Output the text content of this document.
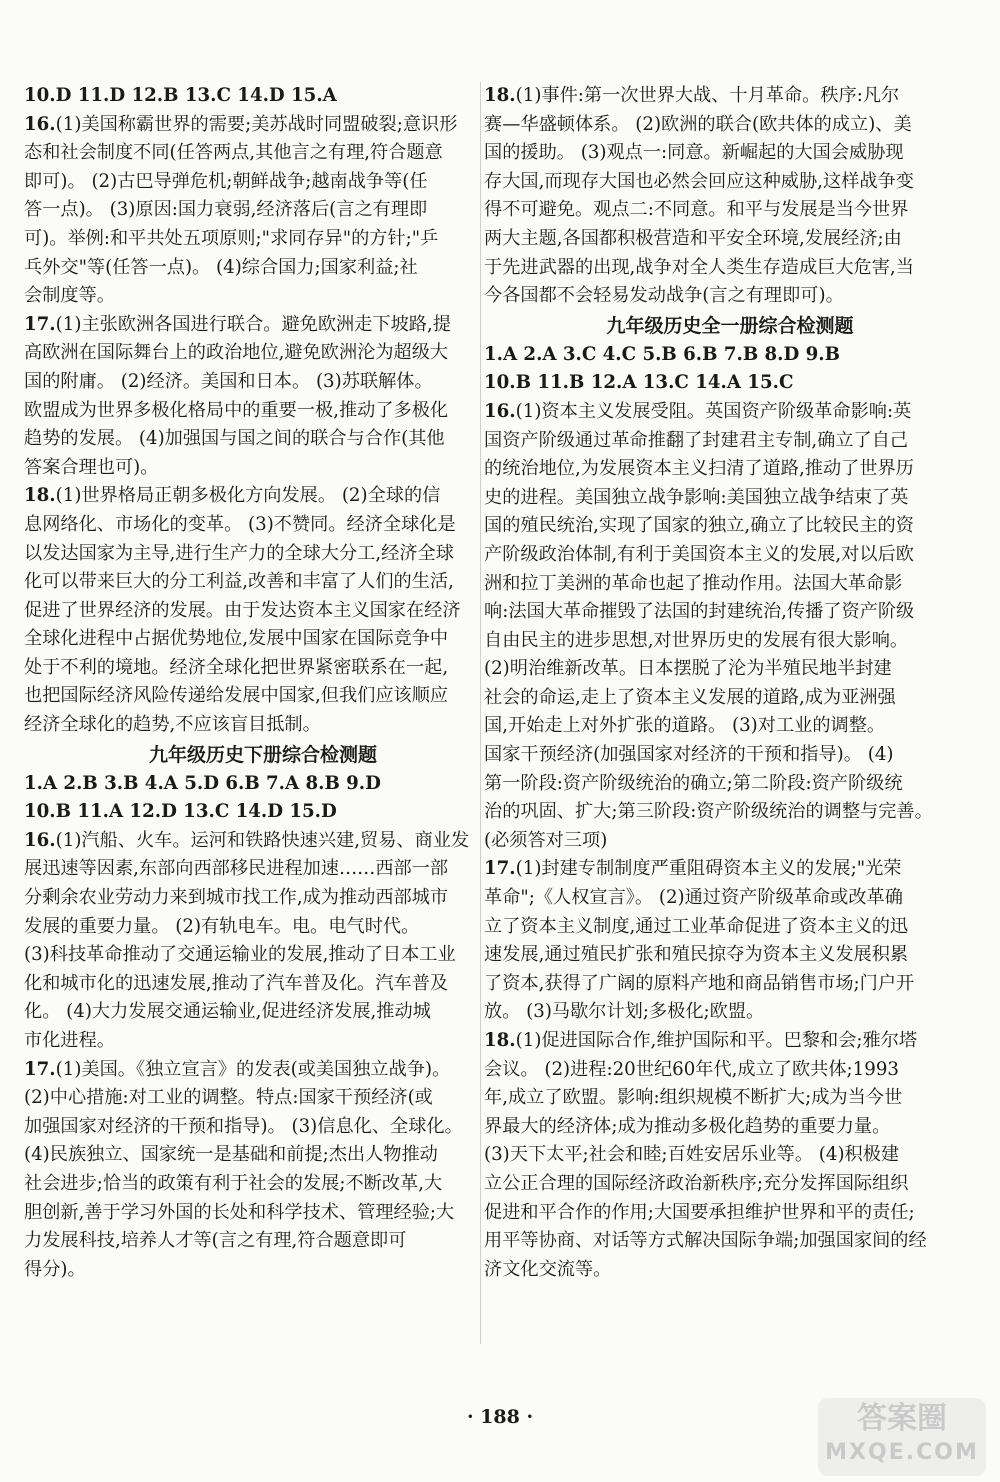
10.D 11.D 12.B 13.C 14.D 15.A
16.(1)美国称霸世界的需要;美苏战时同盟破裂;意识形
态和社会制度不同(任答两点,其他言之有理,符合题意
即可)。 (2)古巴导弹危机;朝鲜战争;越南战争等(任
答一点)。 (3)原因:国力衰弱,经济落后(言之有理即
可)。举例:和平共处五项原则;"求同存异"的方针;"乒
乓外交"等(任答一点)。 (4)综合国力;国家利益;社
会制度等。
17.(1)主张欧洲各国进行联合。避免欧洲走下坡路,提
高欧洲在国际舞台上的政治地位,避免欧洲沦为超级大
国的附庸。 (2)经济。美国和日本。 (3)苏联解体。
欧盟成为世界多极化格局中的重要一极,推动了多极化
趋势的发展。 (4)加强国与国之间的联合与合作(其他
答案合理也可)。
18.(1)世界格局正朝多极化方向发展。 (2)全球的信
息网络化、市场化的变革。 (3)不赞同。经济全球化是
以发达国家为主导,进行生产力的全球大分工,经济全球
化可以带来巨大的分工利益,改善和丰富了人们的生活,
促进了世界经济的发展。由于发达资本主义国家在经济
全球化进程中占据优势地位,发展中国家在国际竞争中
处于不利的境地。经济全球化把世界紧密联系在一起,
也把国际经济风险传递给发展中国家,但我们应该顺应
经济全球化的趋势,不应该盲目抵制。
九年级历史下册综合检测题
1.A 2.B 3.B 4.A 5.D 6.B 7.A 8.B 9.D
10.B 11.A 12.D 13.C 14.D 15.D
16.(1)汽船、火车。运河和铁路快速兴建,贸易、商业发
展迅速等因素,东部向西部移民进程加速……西部一部
分剩余农业劳动力来到城市找工作,成为推动西部城市
发展的重要力量。 (2)有轨电车。电。电气时代。
(3)科技革命推动了交通运输业的发展,推动了日本工业
化和城市化的迅速发展,推动了汽车普及化。汽车普及
化。 (4)大力发展交通运输业,促进经济发展,推动城
市化进程。
17.(1)美国。《独立宣言》的发表(或美国独立战争)。
(2)中心措施:对工业的调整。特点:国家干预经济(或
加强国家对经济的干预和指导)。 (3)信息化、全球化。
(4)民族独立、国家统一是基础和前提;杰出人物推动
社会进步;恰当的政策有利于社会的发展;不断改革,大
胆创新,善于学习外国的长处和科学技术、管理经验;大
力发展科技,培养人才等(言之有理,符合题意即可
得分)。
18.(1)事件:第一次世界大战、十月革命。秩序:凡尔
赛—华盛顿体系。 (2)欧洲的联合(欧共体的成立)、美
国的援助。 (3)观点一:同意。新崛起的大国会威胁现
存大国,而现存大国也必然会回应这种威胁,这样战争变
得不可避免。观点二:不同意。和平与发展是当今世界
两大主题,各国都积极营造和平安全环境,发展经济;由
于先进武器的出现,战争对全人类生存造成巨大危害,当
今各国都不会轻易发动战争(言之有理即可)。
九年级历史全一册综合检测题
1.A 2.A 3.C 4.C 5.B 6.B 7.B 8.D 9.B
10.B 11.B 12.A 13.C 14.A 15.C
16.(1)资本主义发展受阻。英国资产阶级革命影响:英
国资产阶级通过革命推翻了封建君主专制,确立了自己
的统治地位,为发展资本主义扫清了道路,推动了世界历
史的进程。美国独立战争影响:美国独立战争结束了英
国的殖民统治,实现了国家的独立,确立了比较民主的资
产阶级政治体制,有利于美国资本主义的发展,对以后欧
洲和拉丁美洲的革命也起了推动作用。法国大革命影
响:法国大革命摧毁了法国的封建统治,传播了资产阶级
自由民主的进步思想,对世界历史的发展有很大影响。
(2)明治维新改革。日本摆脱了沦为半殖民地半封建
社会的命运,走上了资本主义发展的道路,成为亚洲强
国,开始走上对外扩张的道路。 (3)对工业的调整。
国家干预经济(加强国家对经济的干预和指导)。 (4)
第一阶段:资产阶级统治的确立;第二阶段:资产阶级统
治的巩固、扩大;第三阶段:资产阶级统治的调整与完善。
(必须答对三项)
17.(1)封建专制制度严重阻碍资本主义的发展;"光荣
革命";《人权宣言》。 (2)通过资产阶级革命或改革确
立了资本主义制度,通过工业革命促进了资本主义的迅
速发展,通过殖民扩张和殖民掠夺为资本主义发展积累
了资本,获得了广阔的原料产地和商品销售市场;门户开
放。 (3)马歇尔计划;多极化;欧盟。
18.(1)促进国际合作,维护国际和平。巴黎和会;雅尔塔
会议。 (2)进程:20世纪60年代,成立了欧共体;1993
年,成立了欧盟。影响:组织规模不断扩大;成为当今世
界最大的经济体;成为推动多极化趋势的重要力量。
(3)天下太平;社会和睦;百姓安居乐业等。 (4)积极建
立公正合理的国际经济政治新秩序;充分发挥国际组织
促进和平合作的作用;大国要承担维护世界和平的责任;
用平等协商、对话等方式解决国际争端;加强国家间的经
济文化交流等。
· 188 ·	答案圈
MXQE.COM
